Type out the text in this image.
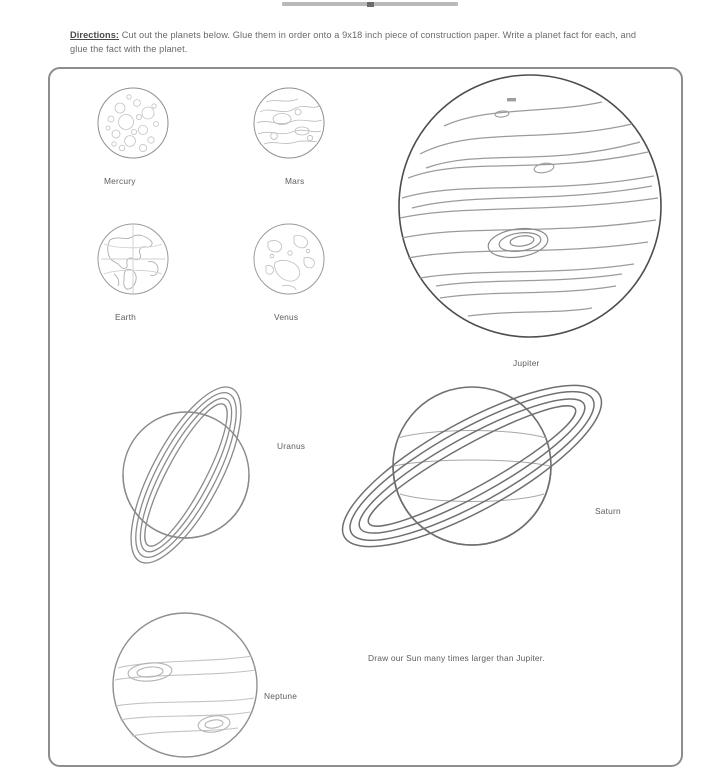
Directions: Cut out the planets below. Glue them in order onto a 9x18 inch piece of construction paper. Write a planet fact for each, and glue the fact with the planet.

Mercury	Mars
Earth	Venus
Jupiter
Uranus
Saturn
Neptune
Draw our Sun many times larger than Jupiter.
